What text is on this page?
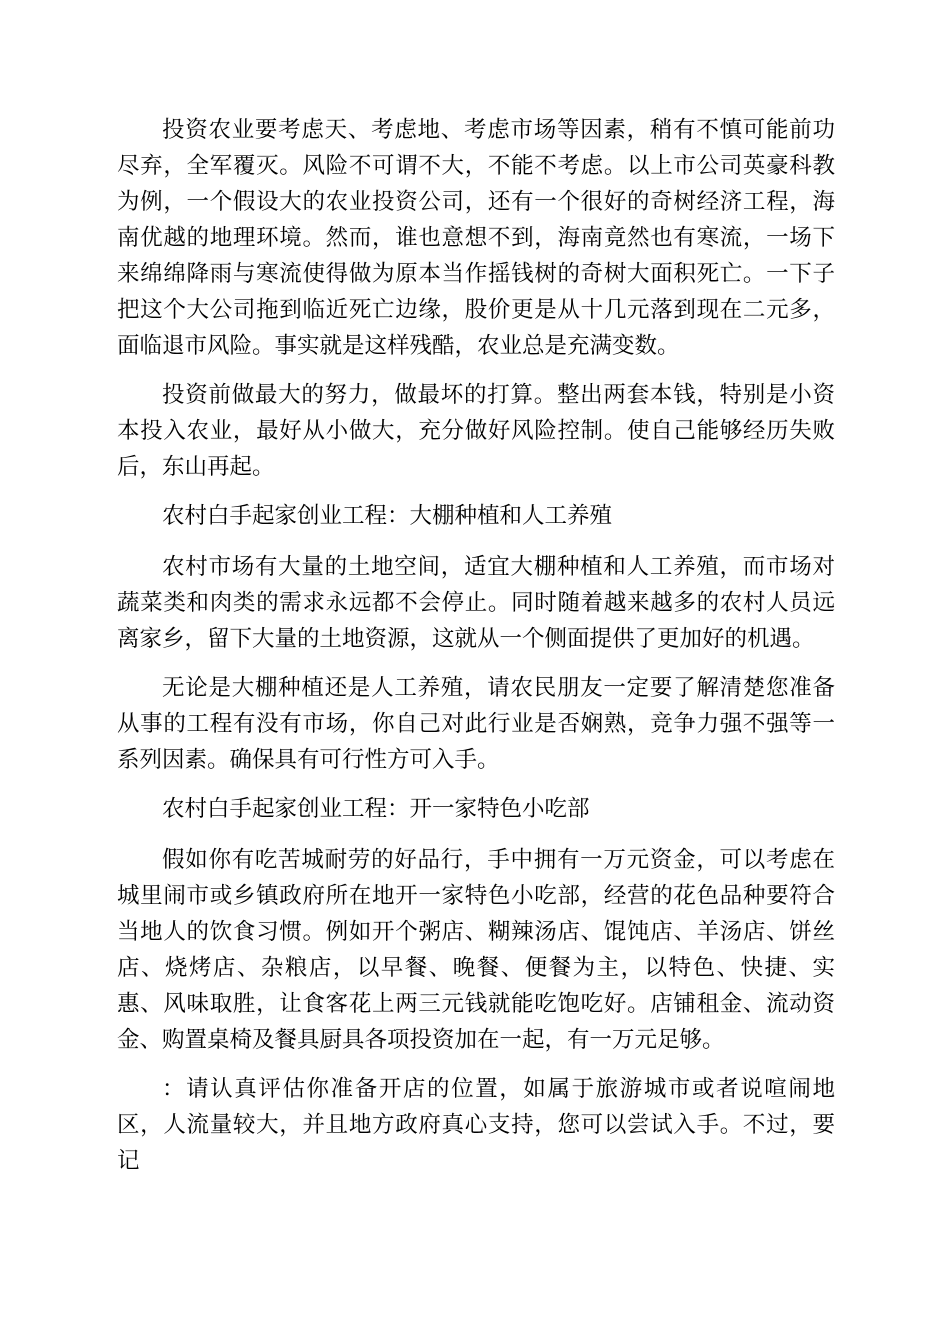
投资农业要考虑天、考虑地、考虑市场等因素，稍有不慎可能前功尽弃，全军覆灭。风险不可谓不大，不能不考虑。以上市公司英豪科教为例，一个假设大的农业投资公司，还有一个很好的奇树经济工程，海南优越的地理环境。然而，谁也意想不到，海南竟然也有寒流，一场下来绵绵降雨与寒流使得做为原本当作摇钱树的奇树大面积死亡。一下子把这个大公司拖到临近死亡边缘，股价更是从十几元落到现在二元多，面临退市风险。事实就是这样残酷，农业总是充满变数。

投资前做最大的努力，做最坏的打算。整出两套本钱，特别是小资本投入农业，最好从小做大，充分做好风险控制。使自己能够经历失败后，东山再起。

农村白手起家创业工程：大棚种植和人工养殖

农村市场有大量的土地空间，适宜大棚种植和人工养殖，而市场对蔬菜类和肉类的需求永远都不会停止。同时随着越来越多的农村人员远离家乡，留下大量的土地资源，这就从一个侧面提供了更加好的机遇。

无论是大棚种植还是人工养殖，请农民朋友一定要了解清楚您准备从事的工程有没有市场，你自己对此行业是否娴熟，竞争力强不强等一系列因素。确保具有可行性方可入手。

农村白手起家创业工程：开一家特色小吃部

假如你有吃苦城耐劳的好品行，手中拥有一万元资金，可以考虑在城里闹市或乡镇政府所在地开一家特色小吃部，经营的花色品种要符合当地人的饮食习惯。例如开个粥店、糊辣汤店、馄饨店、羊汤店、饼丝店、烧烤店、杂粮店，以早餐、晚餐、便餐为主，以特色、快捷、实惠、风味取胜，让食客花上两三元钱就能吃饱吃好。店铺租金、流动资金、购置桌椅及餐具厨具各项投资加在一起，有一万元足够。

：请认真评估你准备开店的位置，如属于旅游城市或者说喧闹地区，人流量较大，并且地方政府真心支持，您可以尝试入手。不过，要记
